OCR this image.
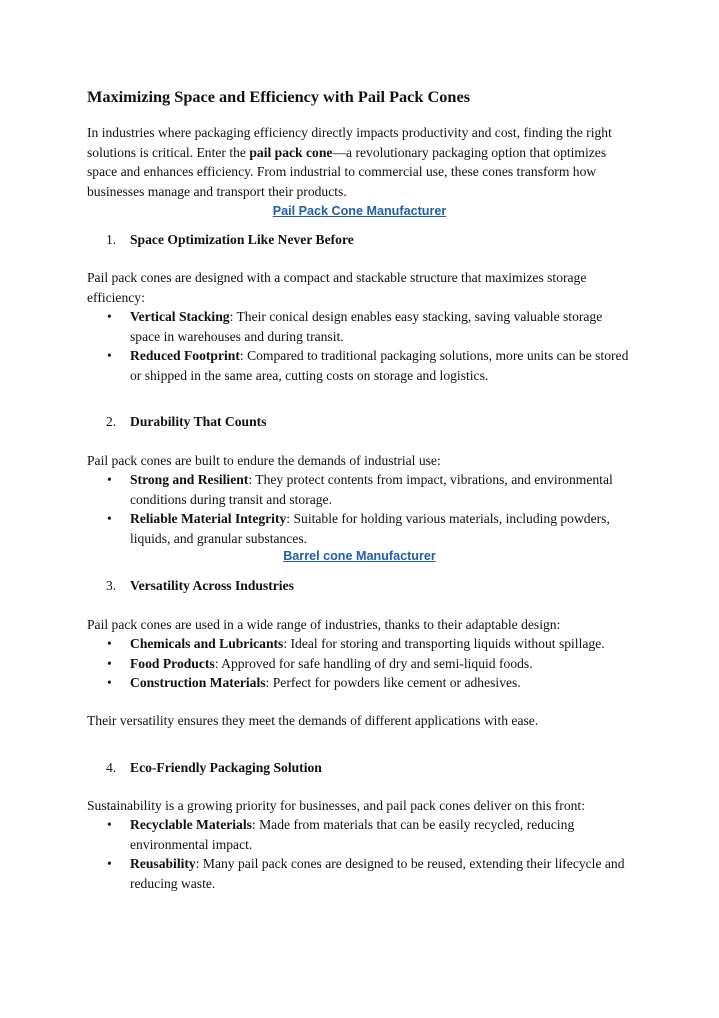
Maximizing Space and Efficiency with Pail Pack Cones

In industries where packaging efficiency directly impacts productivity and cost, finding the right solutions is critical. Enter the pail pack cone—a revolutionary packaging option that optimizes space and enhances efficiency. From industrial to commercial use, these cones transform how businesses manage and transport their products.

Pail Pack Cone Manufacturer
1. Space Optimization Like Never Before
Pail pack cones are designed with a compact and stackable structure that maximizes storage efficiency:
• Vertical Stacking: Their conical design enables easy stacking, saving valuable storage space in warehouses and during transit.
• Reduced Footprint: Compared to traditional packaging solutions, more units can be stored or shipped in the same area, cutting costs on storage and logistics.
2. Durability That Counts
Pail pack cones are built to endure the demands of industrial use:
• Strong and Resilient: They protect contents from impact, vibrations, and environmental conditions during transit and storage.
• Reliable Material Integrity: Suitable for holding various materials, including powders, liquids, and granular substances.
Barrel cone Manufacturer
3. Versatility Across Industries
Pail pack cones are used in a wide range of industries, thanks to their adaptable design:
• Chemicals and Lubricants: Ideal for storing and transporting liquids without spillage.
• Food Products: Approved for safe handling of dry and semi-liquid foods.
• Construction Materials: Perfect for powders like cement or adhesives.
Their versatility ensures they meet the demands of different applications with ease.
4. Eco-Friendly Packaging Solution
Sustainability is a growing priority for businesses, and pail pack cones deliver on this front:
• Recyclable Materials: Made from materials that can be easily recycled, reducing environmental impact.
• Reusability: Many pail pack cones are designed to be reused, extending their lifecycle and reducing waste.
